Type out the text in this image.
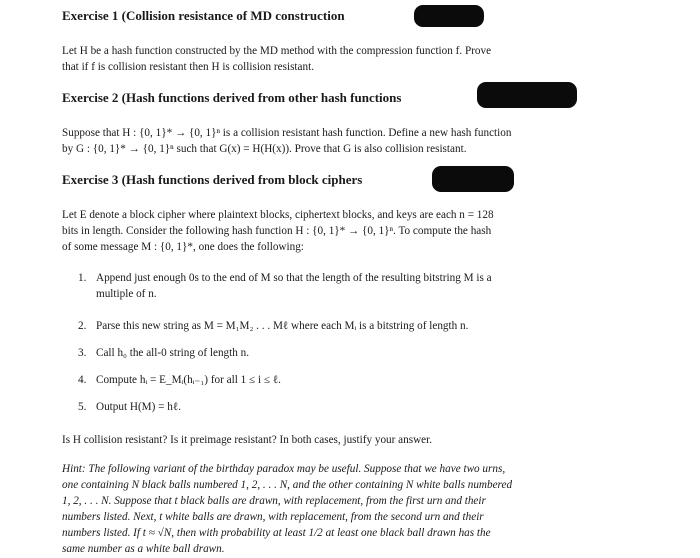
Exercise 1 (Collision resistance of MD construction
Let H be a hash function constructed by the MD method with the compression function f. Prove
that if f is collision resistant then H is collision resistant.
Exercise 2 (Hash functions derived from other hash functions
Suppose that H : {0, 1}* → {0, 1}ⁿ is a collision resistant hash function. Define a new hash function
by G : {0, 1}* → {0, 1}ⁿ such that G(x) = H(H(x)). Prove that G is also collision resistant.
Exercise 3 (Hash functions derived from block ciphers
Let E denote a block cipher where plaintext blocks, ciphertext blocks, and keys are each n = 128
bits in length. Consider the following hash function H : {0, 1}* → {0, 1}ⁿ. To compute the hash
of some message M : {0, 1}*, one does the following:
1. Append just enough 0s to the end of M so that the length of the resulting bitstring M is a
multiple of n.
2. Parse this new string as M = M₁M₂ . . . Mℓ where each Mᵢ is a bitstring of length n.
3. Call h₀ the all-0 string of length n.
4. Compute hᵢ = E_Mᵢ(hᵢ₋₁) for all 1 ≤ i ≤ ℓ.
5. Output H(M) = hℓ.
Is H collision resistant? Is it preimage resistant? In both cases, justify your answer.
Hint: The following variant of the birthday paradox may be useful. Suppose that we have two urns,
one containing N black balls numbered 1, 2, . . . N, and the other containing N white balls numbered
1, 2, . . . N. Suppose that t black balls are drawn, with replacement, from the first urn and their
numbers listed. Next, t white balls are drawn, with replacement, from the second urn and their
numbers listed. If t ≈ √N, then with probability at least 1/2 at least one black ball drawn has the
same number as a white ball drawn.
